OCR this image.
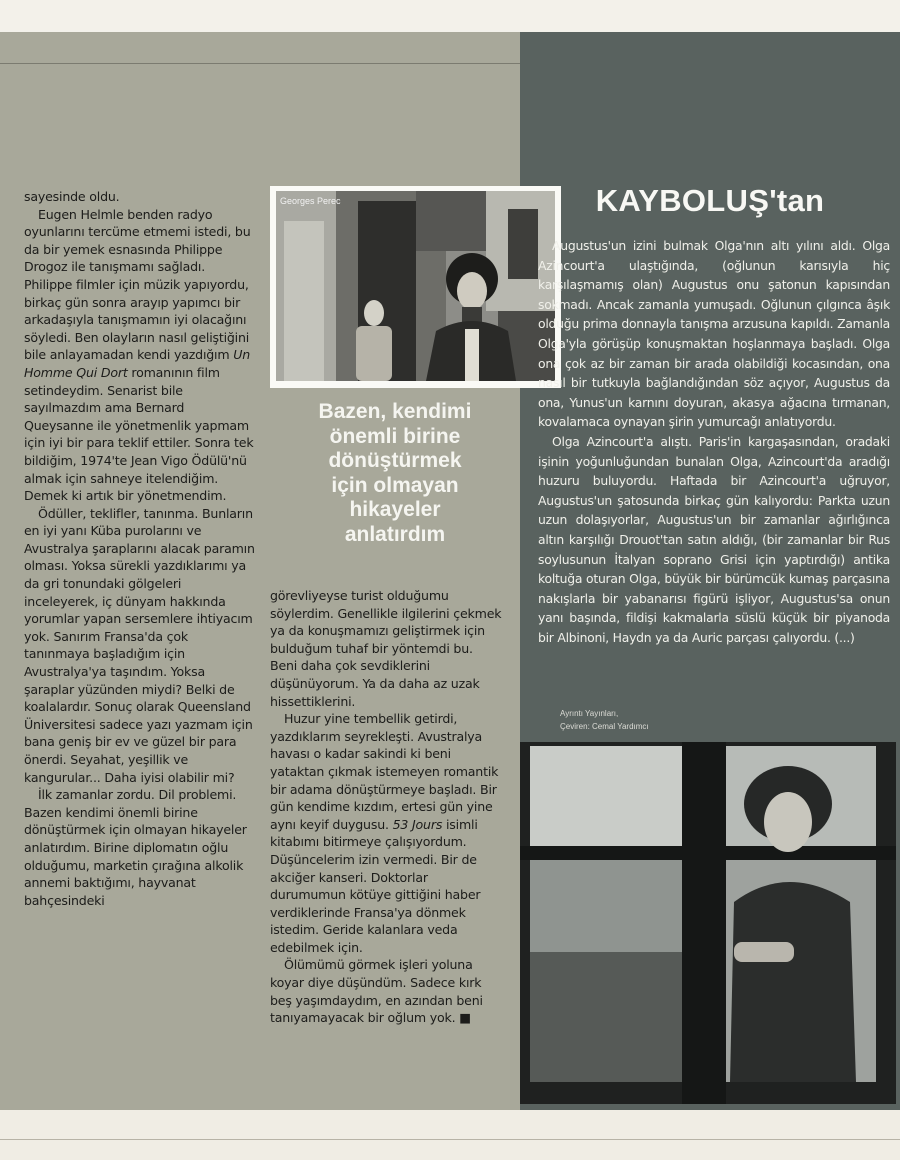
sayesinde oldu.

Eugen Helmle benden radyo oyunlarını tercüme etmemi istedi, bu da bir yemek esnasında Philippe Drogoz ile tanışmamı sağladı. Philippe filmler için müzik yapıyordu, birkaç gün sonra arayıp yapımcı bir arkadaşıyla tanışmamın iyi olacağını söyledi. Ben olayların nasıl geliştiğini bile anlayamadan kendi yazdığım Un Homme Qui Dort romanının film setindeydim. Senarist bile sayılmazdım ama Bernard Queysanne ile yönetmenlik yapmam için iyi bir para teklif ettiler. Sonra tek bildiğim, 1974'te Jean Vigo Ödülü'nü almak için sahneye itelendiğim. Demek ki artık bir yönetmendim.

Ödüller, teklifler, tanınma. Bunların en iyi yanı Küba purolarını ve Avustralya şaraplarını alacak paramın olması. Yoksa sürekli yazdıklarımı ya da gri tonundaki gölgeleri inceleyerek, iç dünyam hakkında yorumlar yapan sersemlere ihtiyacım yok. Sanırım Fransa'da çok tanınmaya başladığım için Avustralya'ya taşındım. Yoksa şaraplar yüzünden miydi? Belki de koalalardır. Sonuç olarak Queensland Üniversitesi sadece yazı yazmam için bana geniş bir ev ve güzel bir para önerdi. Seyahat, yeşillik ve kangurular... Daha iyisi olabilir mi?

İlk zamanlar zordu. Dil problemi. Bazen kendimi önemli birine dönüştürmek için olmayan hikayeler anlatırdım. Birine diplomatın oğlu olduğumu, marketin çırağına alkolik annemi baktığımı, hayvanat bahçesindeki

Georges Perec
Bazen, kendimi
önemli birine
dönüştürmek
için olmayan
hikayeler
anlatırdım

görevliyeyse turist olduğumu söylerdim. Genellikle ilgilerini çekmek ya da konuşmamızı geliştirmek için bulduğum tuhaf bir yöntemdi bu. Beni daha çok sevdiklerini düşünüyorum. Ya da daha az uzak hissettiklerini.

Huzur yine tembellik getirdi, yazdıklarım seyrekleşti. Avustralya havası o kadar sakindi ki beni yataktan çıkmak istemeyen romantik bir adama dönüştürmeye başladı. Bir gün kendime kızdım, ertesi gün yine aynı keyif duygusu. 53 Jours isimli kitabımı bitirmeye çalışıyordum. Düşüncelerim izin vermedi. Bir de akciğer kanseri. Doktorlar durumumun kötüye gittiğini haber verdiklerinde Fransa'ya dönmek istedim. Geride kalanlara veda edebilmek için.

Ölümümü görmek işleri yoluna koyar diye düşündüm. Sadece kırk beş yaşımdaydım, en azından beni tanıyamayacak bir oğlum yok. ■

KAYBOLUŞ'tan

Augustus'un izini bulmak Olga'nın altı yılını aldı. Olga Azincourt'a ulaştığında, (oğlunun karısıyla hiç karşılaşmamış olan) Augustus onu şatonun kapısından sokmadı. Ancak zamanla yumuşadı. Oğlunun çılgınca âşık olduğu prima donnayla tanışma arzusuna kapıldı. Zamanla Olga'yla görüşüp konuşmaktan hoşlanmaya başladı. Olga ona çok az bir zaman bir arada olabildiği kocasından, ona nasıl bir tutkuyla bağlandığından söz açıyor, Augustus da ona, Yunus'un karnını doyuran, akasya ağacına tırmanan, kovalamaca oynayan şirin yumurcağı anlatıyordu.

Olga Azincourt'a alıştı. Paris'in kargaşasından, oradaki işinin yoğunluğundan bunalan Olga, Azincourt'da aradığı huzuru buluyordu. Haftada bir Azincourt'a uğruyor, Augustus'un şatosunda birkaç gün kalıyordu: Parkta uzun uzun dolaşıyorlar, Augustus'un bir zamanlar ağırlığınca altın karşılığı Drouot'tan satın aldığı, (bir zamanlar bir Rus soylusunun İtalyan soprano Grisi için yaptırdığı) antika koltuğa oturan Olga, büyük bir bürümcük kumaş parçasına nakışlarla bir yabanarısı figürü işliyor, Augustus'sa onun yanı başında, fildişi kakmalarla süslü küçük bir piyanoda bir Albinoni, Haydn ya da Auric parçası çalıyordu. (...)

Ayrıntı Yayınları,
Çeviren: Cemal Yardımcı
